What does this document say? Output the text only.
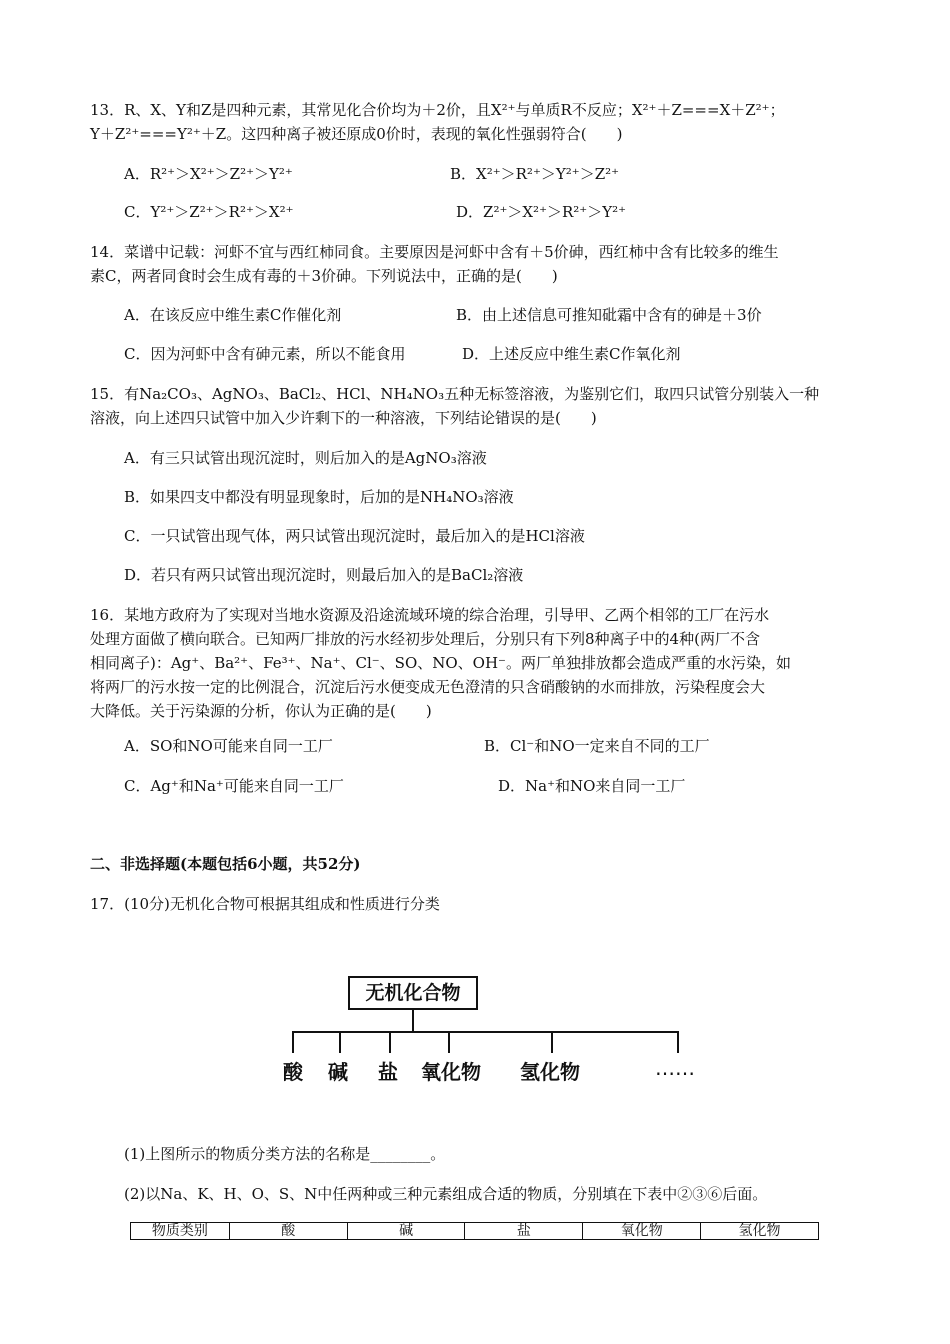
13．R、X、Y和Z是四种元素，其常见化合价均为＋2价，且X²⁺与单质R不反应；X²⁺＋Z===X＋Z²⁺；
Y＋Z²⁺===Y²⁺＋Z。这四种离子被还原成0价时，表现的氧化性强弱符合(　　)
A．R²⁺＞X²⁺＞Z²⁺＞Y²⁺	B．X²⁺＞R²⁺＞Y²⁺＞Z²⁺
C．Y²⁺＞Z²⁺＞R²⁺＞X²⁺	D．Z²⁺＞X²⁺＞R²⁺＞Y²⁺
14．菜谱中记载：河虾不宜与西红柿同食。主要原因是河虾中含有＋5价砷，西红柿中含有比较多的维生
素C，两者同食时会生成有毒的＋3价砷。下列说法中，正确的是(　　)
A．在该反应中维生素C作催化剂	B．由上述信息可推知砒霜中含有的砷是＋3价
C．因为河虾中含有砷元素，所以不能食用	D．上述反应中维生素C作氧化剂
15．有Na₂CO₃、AgNO₃、BaCl₂、HCl、NH₄NO₃五种无标签溶液，为鉴别它们，取四只试管分别装入一种
溶液，向上述四只试管中加入少许剩下的一种溶液，下列结论错误的是(　　)
A．有三只试管出现沉淀时，则后加入的是AgNO₃溶液
B．如果四支中都没有明显现象时，后加的是NH₄NO₃溶液
C．一只试管出现气体，两只试管出现沉淀时，最后加入的是HCl溶液
D．若只有两只试管出现沉淀时，则最后加入的是BaCl₂溶液
16．某地方政府为了实现对当地水资源及沿途流域环境的综合治理，引导甲、乙两个相邻的工厂在污水
处理方面做了横向联合。已知两厂排放的污水经初步处理后，分别只有下列8种离子中的4种(两厂不含
相同离子)：Ag⁺、Ba²⁺、Fe³⁺、Na⁺、Cl⁻、SO、NO、OH⁻。两厂单独排放都会造成严重的水污染，如
将两厂的污水按一定的比例混合，沉淀后污水便变成无色澄清的只含硝酸钠的水而排放，污染程度会大
大降低。关于污染源的分析，你认为正确的是(　　)
A．SO和NO可能来自同一工厂	B．Cl⁻和NO一定来自不同的工厂
C．Ag⁺和Na⁺可能来自同一工厂	D．Na⁺和NO来自同一工厂
二、非选择题(本题包括6小题，共52分)
17．(10分)无机化合物可根据其组成和性质进行分类
无机化合物
酸 碱 盐 氧化物 氢化物	……
(1)上图所示的物质分类方法的名称是________。
(2)以Na、K、H、O、S、N中任两种或三种元素组成合适的物质，分别填在下表中②③⑥后面。
物质类别	酸	碱	盐	氧化物	氢化物
